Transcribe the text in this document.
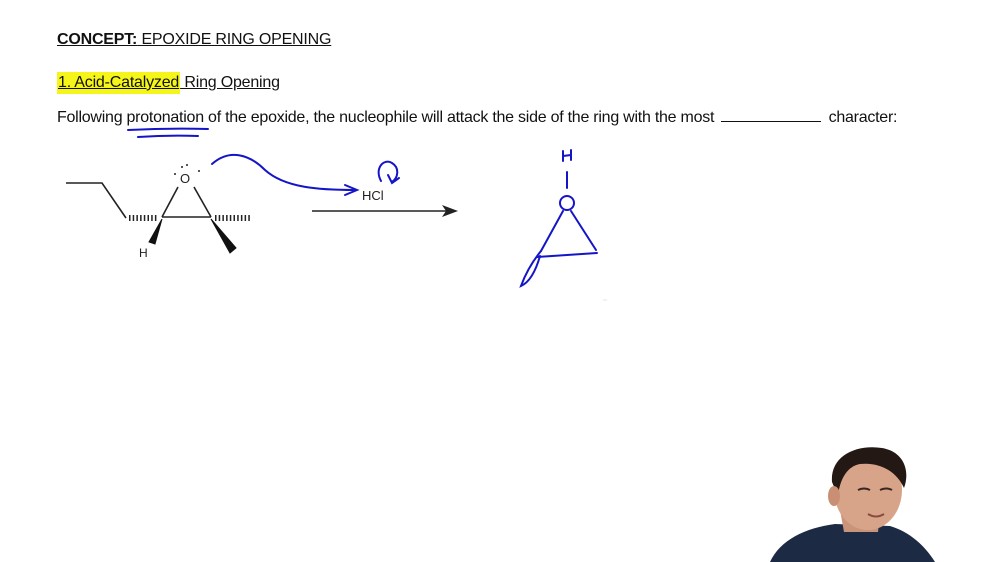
CONCEPT: EPOXIDE RING OPENING
1. Acid-Catalyzed Ring Opening
Following protonation of the epoxide, the nucleophile will attack the side of the ring with the most	character:
O
H
HCl
